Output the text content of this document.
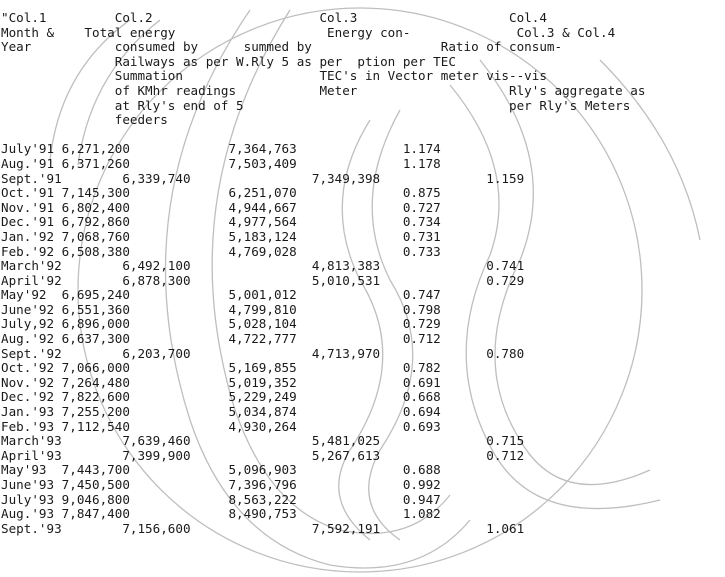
"Col.1         Col.2                      Col.3                    Col.4
Month &    Total energy                    Energy con-              Col.3 & Col.4
Year           consumed by      summed by                 Ratio of consum-
Railways as per W.Rly 5 as per  ption per TEC
Summation                  TEC's in Vector meter vis--vis
of KMhr readings           Meter                    Rly's aggregate as
at Rly's end of 5                                   per Rly's Meters
feeders
July'91 6,271,200             7,364,763              1.174
Aug.'91 6,371,260             7,503,409              1.178
Sept.'91        6,339,740                7,349,398              1.159
Oct.'91 7,145,300             6,251,070              0.875
Nov.'91 6,802,400             4,944,667              0.727
Dec.'91 6,792,860             4,977,564              0.734
Jan.'92 7,068,760             5,183,124              0.731
Feb.'92 6,508,380             4,769,028              0.733
March'92        6,492,100                4,813,383              0.741
April'92        6,878,300                5,010,531              0.729
May'92  6,695,240             5,001,012              0.747
June'92 6,551,360             4,799,810              0.798
July,92 6,896,000             5,028,104              0.729
Aug.'92 6,637,300             4,722,777              0.712
Sept.'92        6,203,700                4,713,970              0.780
Oct.'92 7,066,000             5,169,855              0.782
Nov.'92 7,264,480             5,019,352              0.691
Dec.'92 7,822,600             5,229,249              0.668
Jan.'93 7,255,200             5,034,874              0.694
Feb.'93 7,112,540             4,930,264              0.693
March'93        7,639,460                5,481,025              0.715
April'93        7,399,900                5,267,613              0.712
May'93  7,443,700             5,096,903              0.688
June'93 7,450,500             7,396,796              0.992
July'93 9,046,800             8,563,222              0.947
Aug.'93 7,847,400             8,490,753              1.082
Sept.'93        7,156,600                7,592,191              1.061
